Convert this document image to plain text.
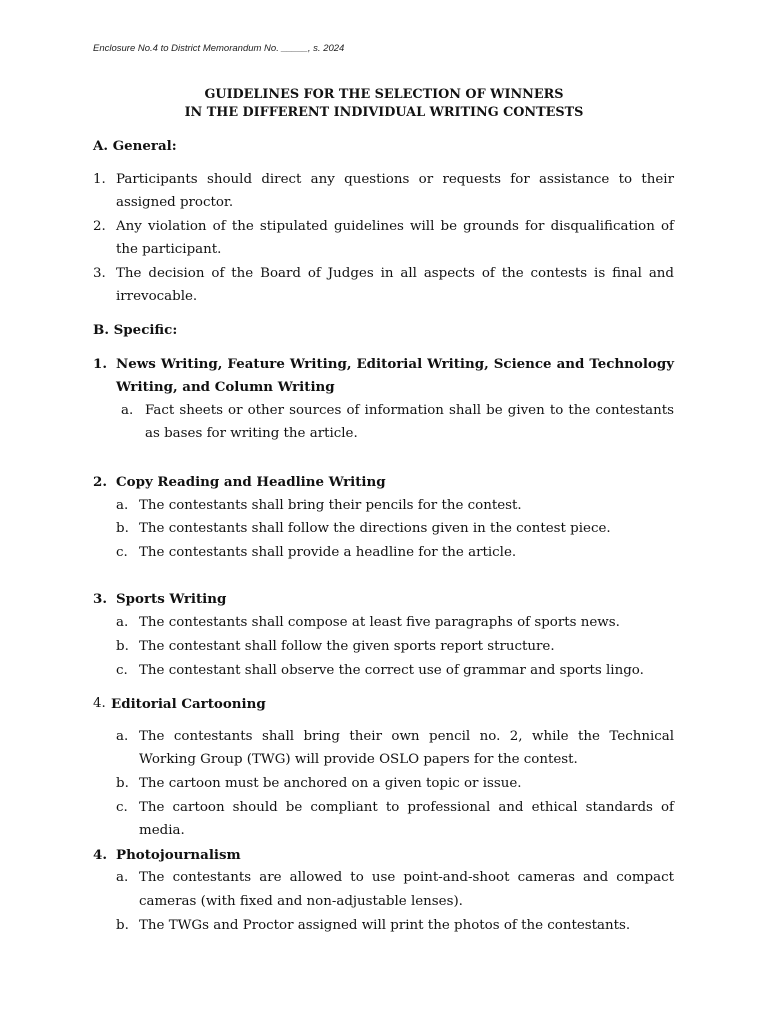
Enclosure No.4 to District Memorandum No. _____, s. 2024
GUIDELINES FOR THE SELECTION OF WINNERS
IN THE DIFFERENT INDIVIDUAL WRITING CONTESTS
A. General:
1. Participants should direct any questions or requests for assistance to their
assigned proctor.
2. Any violation of the stipulated guidelines will be grounds for disqualification of
the participant.
3. The decision of the Board of Judges in all aspects of the contests is final and
irrevocable.
B. Specific:
1. News Writing, Feature Writing, Editorial Writing, Science and Technology
Writing, and Column Writing
a. Fact sheets or other sources of information shall be given to the contestants
as bases for writing the article.
2. Copy Reading and Headline Writing
a. The contestants shall bring their pencils for the contest.
b. The contestants shall follow the directions given in the contest piece.
c. The contestants shall provide a headline for the article.
3. Sports Writing
a. The contestants shall compose at least five paragraphs of sports news.
b. The contestant shall follow the given sports report structure.
c. The contestant shall observe the correct use of grammar and sports lingo.
4. Editorial Cartooning
a. The contestants shall bring their own pencil no. 2, while the Technical
Working Group (TWG) will provide OSLO papers for the contest.
b. The cartoon must be anchored on a given topic or issue.
c. The cartoon should be compliant to professional and ethical standards of
media.
4. Photojournalism
a. The contestants are allowed to use point-and-shoot cameras and compact
cameras (with fixed and non-adjustable lenses).
b. The TWGs and Proctor assigned will print the photos of the contestants.
